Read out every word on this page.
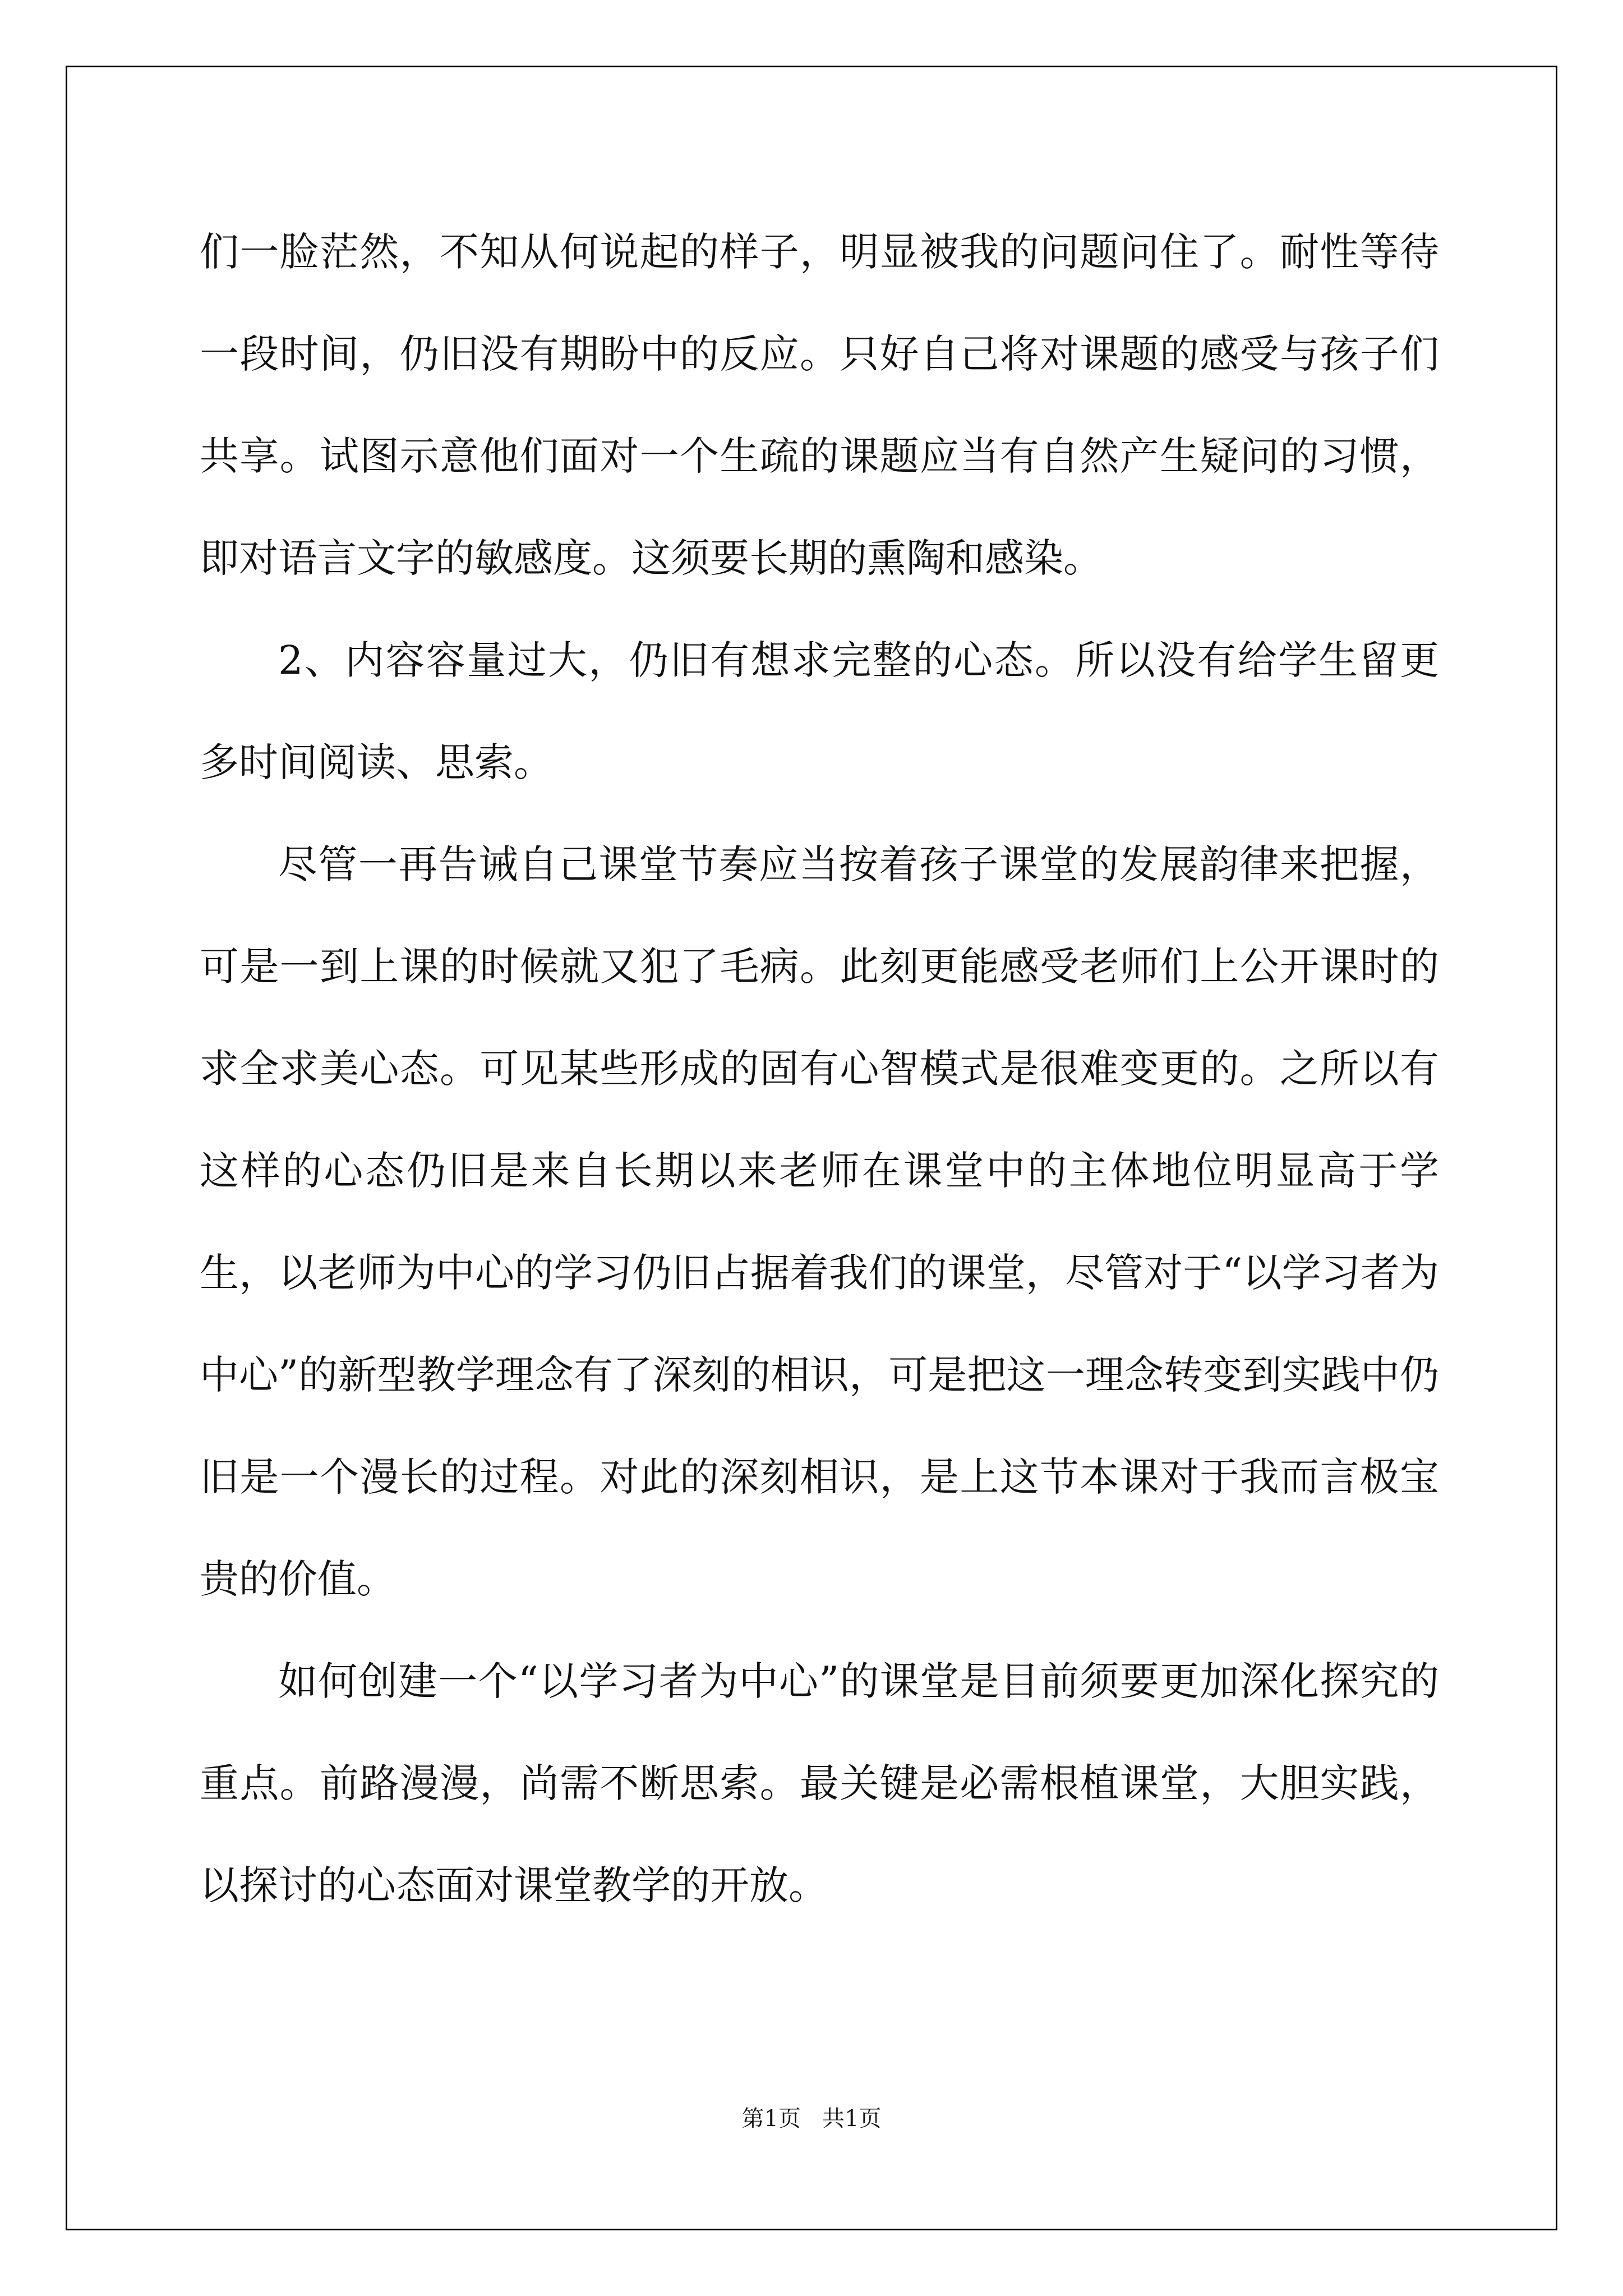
们一脸茫然，不知从何说起的样子，明显被我的问题问住了。耐性等待一段时间，仍旧没有期盼中的反应。只好自己将对课题的感受与孩子们共享。试图示意他们面对一个生疏的课题应当有自然产生疑问的习惯，即对语言文字的敏感度。这须要长期的熏陶和感染。

2、内容容量过大，仍旧有想求完整的心态。所以没有给学生留更多时间阅读、思索。

尽管一再告诫自己课堂节奏应当按着孩子课堂的发展韵律来把握，可是一到上课的时候就又犯了毛病。此刻更能感受老师们上公开课时的求全求美心态。可见某些形成的固有心智模式是很难变更的。之所以有这样的心态仍旧是来自长期以来老师在课堂中的主体地位明显高于学生，以老师为中心的学习仍旧占据着我们的课堂，尽管对于“以学习者为中心”的新型教学理念有了深刻的相识，可是把这一理念转变到实践中仍旧是一个漫长的过程。对此的深刻相识，是上这节本课对于我而言极宝贵的价值。

如何创建一个“以学习者为中心”的课堂是目前须要更加深化探究的重点。前路漫漫，尚需不断思索。最关键是必需根植课堂，大胆实践，以探讨的心态面对课堂教学的开放。

第1页   共1页
